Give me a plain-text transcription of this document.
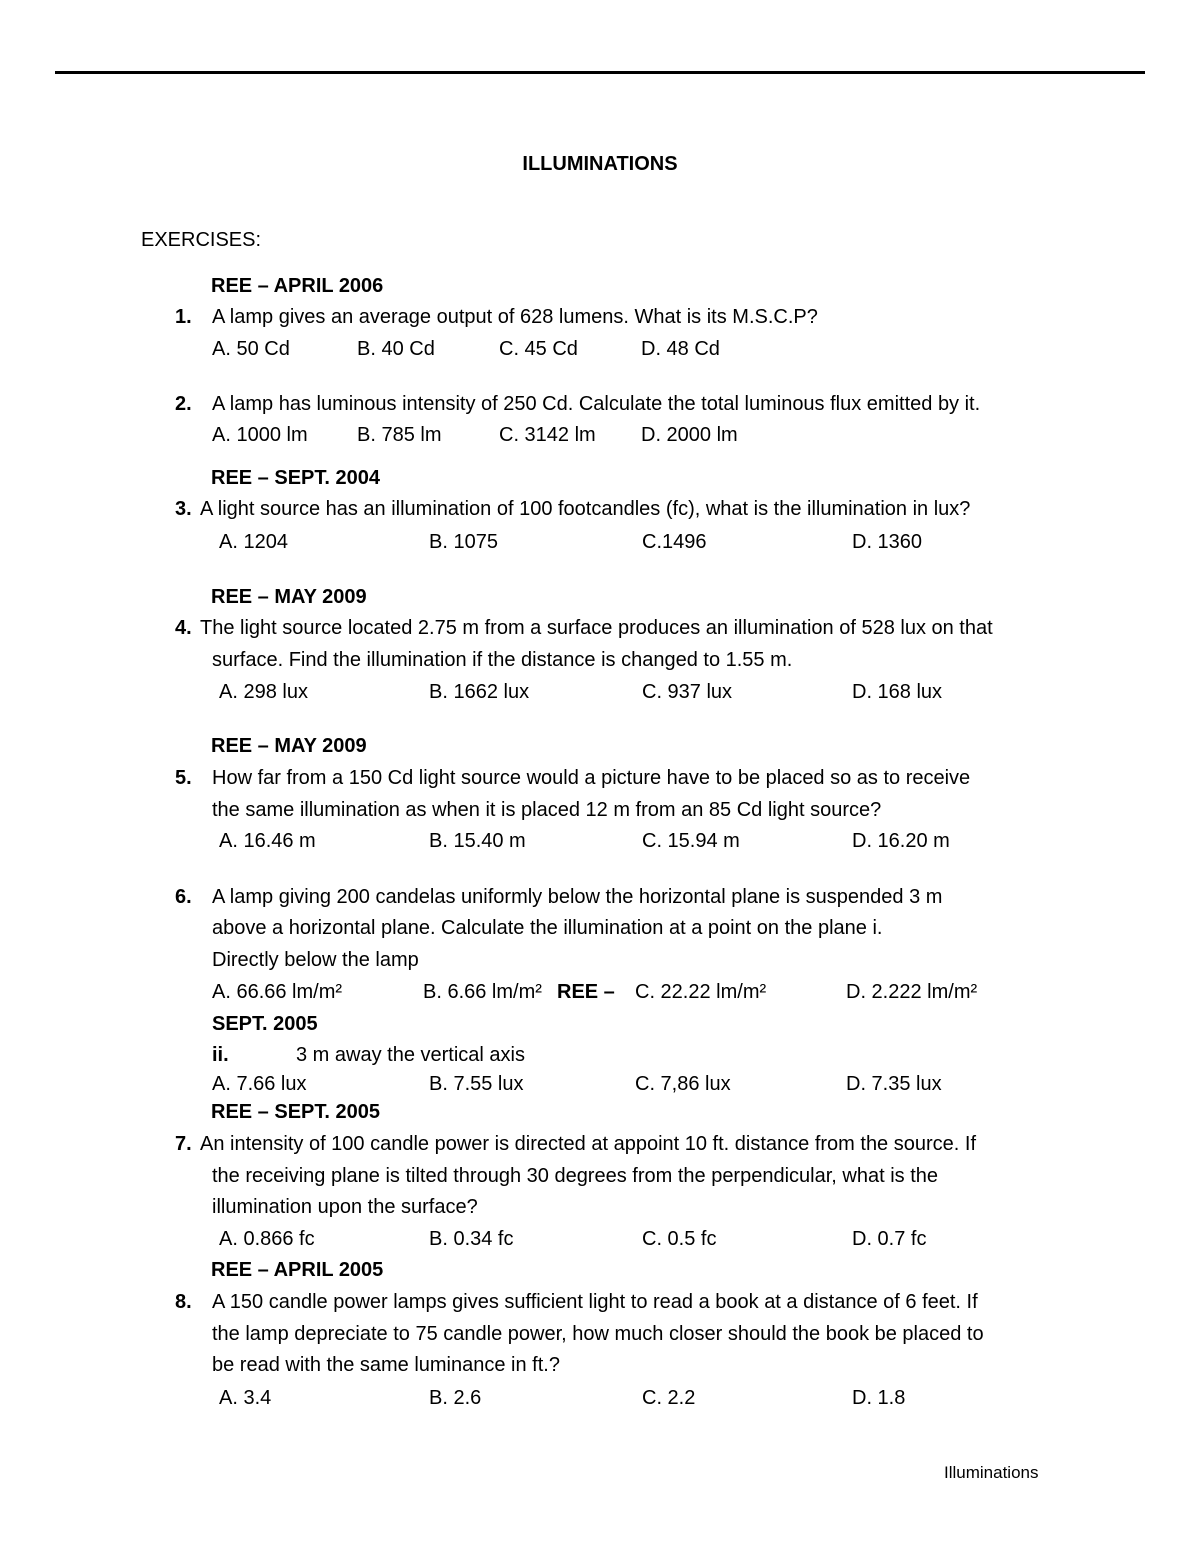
ILLUMINATIONS
EXERCISES:
REE – APRIL 2006
1. A lamp gives an average output of 628 lumens. What is its M.S.C.P?
A. 50 Cd	B. 40 Cd	C. 45 Cd	D. 48 Cd
2. A lamp has luminous intensity of 250 Cd. Calculate the total luminous flux emitted by it.
A. 1000 lm B. 785 lm	C. 3142 lm D. 2000 lm
REE – SEPT. 2004
3. A light source has an illumination of 100 footcandles (fc), what is the illumination in lux?
A. 1204	B. 1075	C.1496	D. 1360
REE – MAY 2009
4. The light source located 2.75 m from a surface produces an illumination of 528 lux on that
surface. Find the illumination if the distance is changed to 1.55 m.
A. 298 lux	B. 1662 lux	C. 937 lux	D. 168 lux
REE – MAY 2009
5. How far from a 150 Cd light source would a picture have to be placed so as to receive
the same illumination as when it is placed 12 m from an 85 Cd light source?
A. 16.46 m	B. 15.40 m	C. 15.94 m	D. 16.20 m
6. A lamp giving 200 candelas uniformly below the horizontal plane is suspended 3 m
above a horizontal plane. Calculate the illumination at a point on the plane i.
Directly below the lamp
A. 66.66 lm/m²	B. 6.66 lm/m² REE – C. 22.22 lm/m²	D. 2.222 lm/m²
SEPT. 2005
ii.	3 m away the vertical axis
A. 7.66 lux	B. 7.55 lux	C. 7,86 lux	D. 7.35 lux
REE – SEPT. 2005
7. An intensity of 100 candle power is directed at appoint 10 ft. distance from the source. If
the receiving plane is tilted through 30 degrees from the perpendicular, what is the
illumination upon the surface?
A. 0.866 fc	B. 0.34 fc	C. 0.5 fc	D. 0.7 fc
REE – APRIL 2005
8. A 150 candle power lamps gives sufficient light to read a book at a distance of 6 feet. If
the lamp depreciate to 75 candle power, how much closer should the book be placed to
be read with the same luminance in ft.?
A. 3.4	B. 2.6	C. 2.2	D. 1.8
Illuminations
